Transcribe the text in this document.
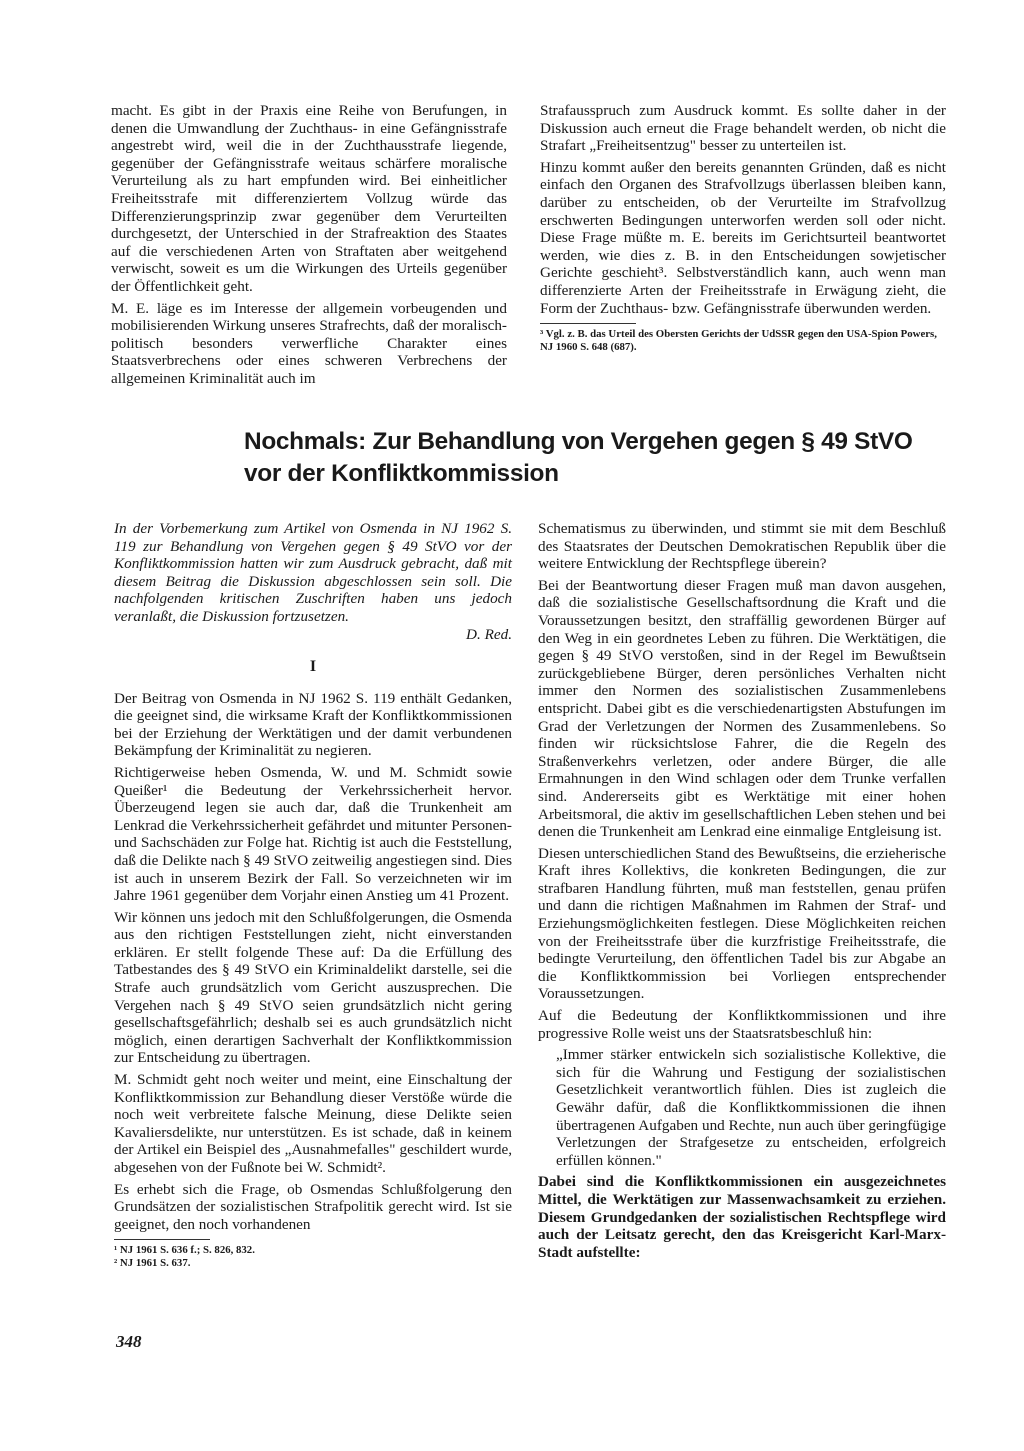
macht. Es gibt in der Praxis eine Reihe von Berufungen, in denen die Umwandlung der Zuchthaus- in eine Gefängnisstrafe angestrebt wird, weil die in der Zuchthausstrafe liegende, gegenüber der Gefängnisstrafe weitaus schärfere moralische Verurteilung als zu hart empfunden wird. Bei einheitlicher Freiheitsstrafe mit differenziertem Vollzug würde das Differenzierungsprinzip zwar gegenüber dem Verurteilten durchgesetzt, der Unterschied in der Strafreaktion des Staates auf die verschiedenen Arten von Straftaten aber weitgehend verwischt, soweit es um die Wirkungen des Urteils gegenüber der Öffentlichkeit geht.

M. E. läge es im Interesse der allgemein vorbeugenden und mobilisierenden Wirkung unseres Strafrechts, daß der moralisch-politisch besonders verwerfliche Charakter eines Staatsverbrechens oder eines schweren Verbrechens der allgemeinen Kriminalität auch im

Strafausspruch zum Ausdruck kommt. Es sollte daher in der Diskussion auch erneut die Frage behandelt werden, ob nicht die Strafart „Freiheitsentzug" besser zu unterteilen ist.

Hinzu kommt außer den bereits genannten Gründen, daß es nicht einfach den Organen des Strafvollzugs überlassen bleiben kann, darüber zu entscheiden, ob der Verurteilte im Strafvollzug erschwerten Bedingungen unterworfen werden soll oder nicht. Diese Frage müßte m. E. bereits im Gerichtsurteil beantwortet werden, wie dies z. B. in den Entscheidungen sowjetischer Gerichte geschieht³. Selbstverständlich kann, auch wenn man differenzierte Arten der Freiheitsstrafe in Erwägung zieht, die Form der Zuchthaus- bzw. Gefängnisstrafe überwunden werden.

³ Vgl. z. B. das Urteil des Obersten Gerichts der UdSSR gegen den USA-Spion Powers, NJ 1960 S. 648 (687).

Nochmals: Zur Behandlung von Vergehen gegen § 49 StVO
vor der Konfliktkommission

In der Vorbemerkung zum Artikel von Osmenda in NJ 1962 S. 119 zur Behandlung von Vergehen gegen § 49 StVO vor der Konfliktkommission hatten wir zum Ausdruck gebracht, daß mit diesem Beitrag die Diskussion abgeschlossen sein soll. Die nachfolgenden kritischen Zuschriften haben uns jedoch veranlaßt, die Diskussion fortzusetzen.

D. Red.
I

Der Beitrag von Osmenda in NJ 1962 S. 119 enthält Gedanken, die geeignet sind, die wirksame Kraft der Konfliktkommissionen bei der Erziehung der Werktätigen und der damit verbundenen Bekämpfung der Kriminalität zu negieren.

Richtigerweise heben Osmenda, W. und M. Schmidt sowie Queißer¹ die Bedeutung der Verkehrssicherheit hervor. Überzeugend legen sie auch dar, daß die Trunkenheit am Lenkrad die Verkehrssicherheit gefährdet und mitunter Personen- und Sachschäden zur Folge hat. Richtig ist auch die Feststellung, daß die Delikte nach § 49 StVO zeitweilig angestiegen sind. Dies ist auch in unserem Bezirk der Fall. So verzeichneten wir im Jahre 1961 gegenüber dem Vorjahr einen Anstieg um 41 Prozent.

Wir können uns jedoch mit den Schlußfolgerungen, die Osmenda aus den richtigen Feststellungen zieht, nicht einverstanden erklären. Er stellt folgende These auf: Da die Erfüllung des Tatbestandes des § 49 StVO ein Kriminaldelikt darstelle, sei die Strafe auch grundsätzlich vom Gericht auszusprechen. Die Vergehen nach § 49 StVO seien grundsätzlich nicht gering gesellschaftsgefährlich; deshalb sei es auch grundsätzlich nicht möglich, einen derartigen Sachverhalt der Konfliktkommission zur Entscheidung zu übertragen.

M. Schmidt geht noch weiter und meint, eine Einschaltung der Konfliktkommission zur Behandlung dieser Verstöße würde die noch weit verbreitete falsche Meinung, diese Delikte seien Kavaliersdelikte, nur unterstützen. Es ist schade, daß in keinem der Artikel ein Beispiel des „Ausnahmefalles" geschildert wurde, abgesehen von der Fußnote bei W. Schmidt².

Es erhebt sich die Frage, ob Osmendas Schlußfolgerung den Grundsätzen der sozialistischen Strafpolitik gerecht wird. Ist sie geeignet, den noch vorhandenen

¹ NJ 1961 S. 636 f.; S. 826, 832.

² NJ 1961 S. 637.

Schematismus zu überwinden, und stimmt sie mit dem Beschluß des Staatsrates der Deutschen Demokratischen Republik über die weitere Entwicklung der Rechtspflege überein?

Bei der Beantwortung dieser Fragen muß man davon ausgehen, daß die sozialistische Gesellschaftsordnung die Kraft und die Voraussetzungen besitzt, den straffällig gewordenen Bürger auf den Weg in ein geordnetes Leben zu führen. Die Werktätigen, die gegen § 49 StVO verstoßen, sind in der Regel im Bewußtsein zurückgebliebene Bürger, deren persönliches Verhalten nicht immer den Normen des sozialistischen Zusammenlebens entspricht. Dabei gibt es die verschiedenartigsten Abstufungen im Grad der Verletzungen der Normen des Zusammenlebens. So finden wir rücksichtslose Fahrer, die die Regeln des Straßenverkehrs verletzen, oder andere Bürger, die alle Ermahnungen in den Wind schlagen oder dem Trunke verfallen sind. Andererseits gibt es Werktätige mit einer hohen Arbeitsmoral, die aktiv im gesellschaftlichen Leben stehen und bei denen die Trunkenheit am Lenkrad eine einmalige Entgleisung ist.

Diesen unterschiedlichen Stand des Bewußtseins, die erzieherische Kraft ihres Kollektivs, die konkreten Bedingungen, die zur strafbaren Handlung führten, muß man feststellen, genau prüfen und dann die richtigen Maßnahmen im Rahmen der Straf- und Erziehungsmöglichkeiten festlegen. Diese Möglichkeiten reichen von der Freiheitsstrafe über die kurzfristige Freiheitsstrafe, die bedingte Verurteilung, den öffentlichen Tadel bis zur Abgabe an die Konfliktkommission bei Vorliegen entsprechender Voraussetzungen.

Auf die Bedeutung der Konfliktkommissionen und ihre progressive Rolle weist uns der Staatsratsbeschluß hin:

„Immer stärker entwickeln sich sozialistische Kollektive, die sich für die Wahrung und Festigung der sozialistischen Gesetzlichkeit verantwortlich fühlen. Dies ist zugleich die Gewähr dafür, daß die Konfliktkommissionen die ihnen übertragenen Aufgaben und Rechte, nun auch über geringfügige Verletzungen der Strafgesetze zu entscheiden, erfolgreich erfüllen können."

Dabei sind die Konfliktkommissionen ein ausgezeichnetes Mittel, die Werktätigen zur Massenwachsamkeit zu erziehen. Diesem Grundgedanken der sozialistischen Rechtspflege wird auch der Leitsatz gerecht, den das Kreisgericht Karl-Marx-Stadt aufstellte:

348
